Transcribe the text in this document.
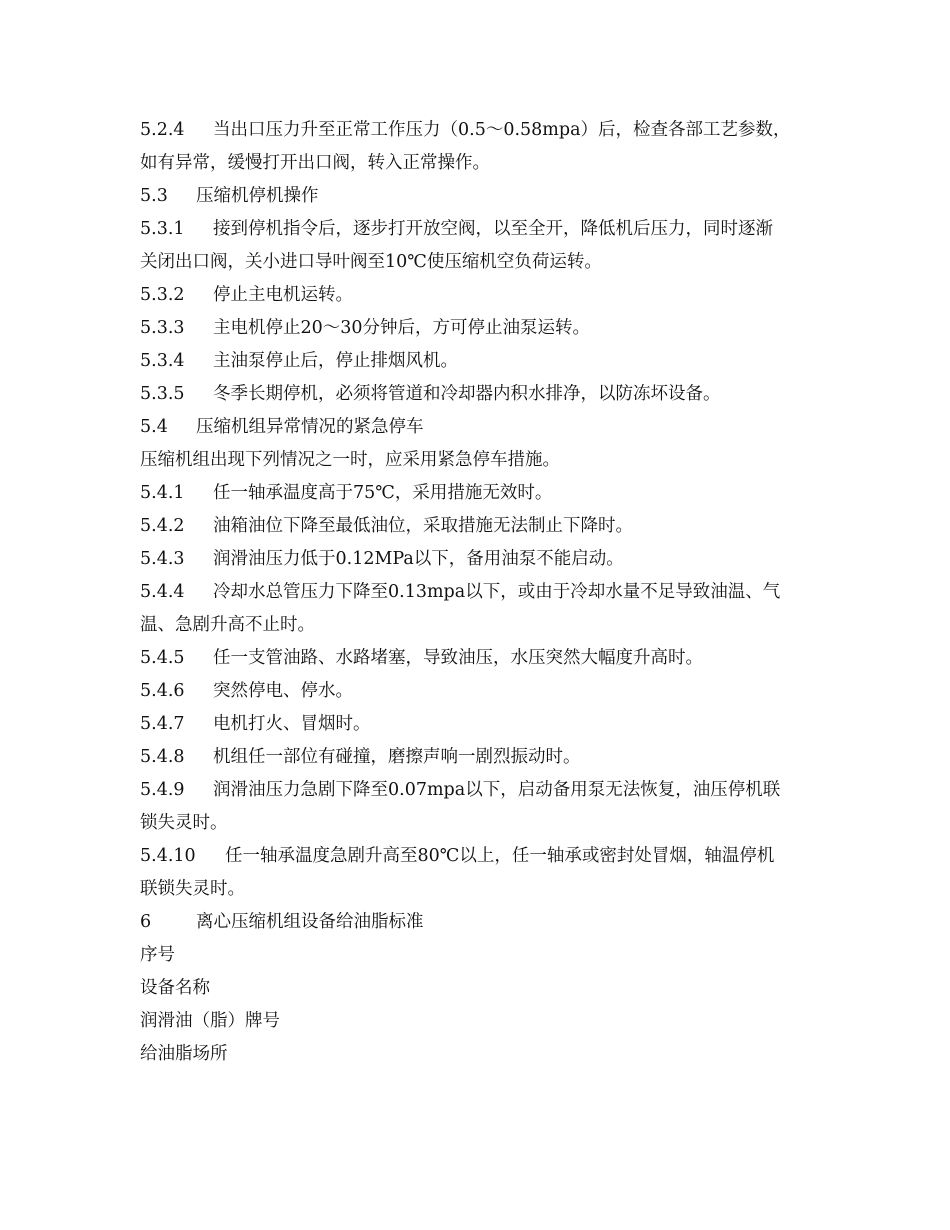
5.2.4 当出口压力升至正常工作压力（0.5～0.58mpa）后，检查各部工艺参数，
如有异常，缓慢打开出口阀，转入正常操作。
5.3 压缩机停机操作
5.3.1 接到停机指令后，逐步打开放空阀，以至全开，降低机后压力，同时逐渐
关闭出口阀，关小进口导叶阀至10℃使压缩机空负荷运转。
5.3.2 停止主电机运转。
5.3.3 主电机停止20～30分钟后，方可停止油泵运转。
5.3.4 主油泵停止后，停止排烟风机。
5.3.5 冬季长期停机，必须将管道和冷却器内积水排净，以防冻坏设备。
5.4 压缩机组异常情况的紧急停车
压缩机组出现下列情况之一时，应采用紧急停车措施。
5.4.1 任一轴承温度高于75℃，采用措施无效时。
5.4.2 油箱油位下降至最低油位，采取措施无法制止下降时。
5.4.3 润滑油压力低于0.12MPa以下，备用油泵不能启动。
5.4.4 冷却水总管压力下降至0.13mpa以下，或由于冷却水量不足导致油温、气
温、急剧升高不止时。
5.4.5 任一支管油路、水路堵塞，导致油压，水压突然大幅度升高时。
5.4.6 突然停电、停水。
5.4.7 电机打火、冒烟时。
5.4.8 机组任一部位有碰撞，磨擦声响一剧烈振动时。
5.4.9 润滑油压力急剧下降至0.07mpa以下，启动备用泵无法恢复，油压停机联
锁失灵时。
5.4.10 任一轴承温度急剧升高至80℃以上，任一轴承或密封处冒烟，轴温停机
联锁失灵时。
6	离心压缩机组设备给油脂标准
序号
设备名称
润滑油（脂）牌号
给油脂场所
